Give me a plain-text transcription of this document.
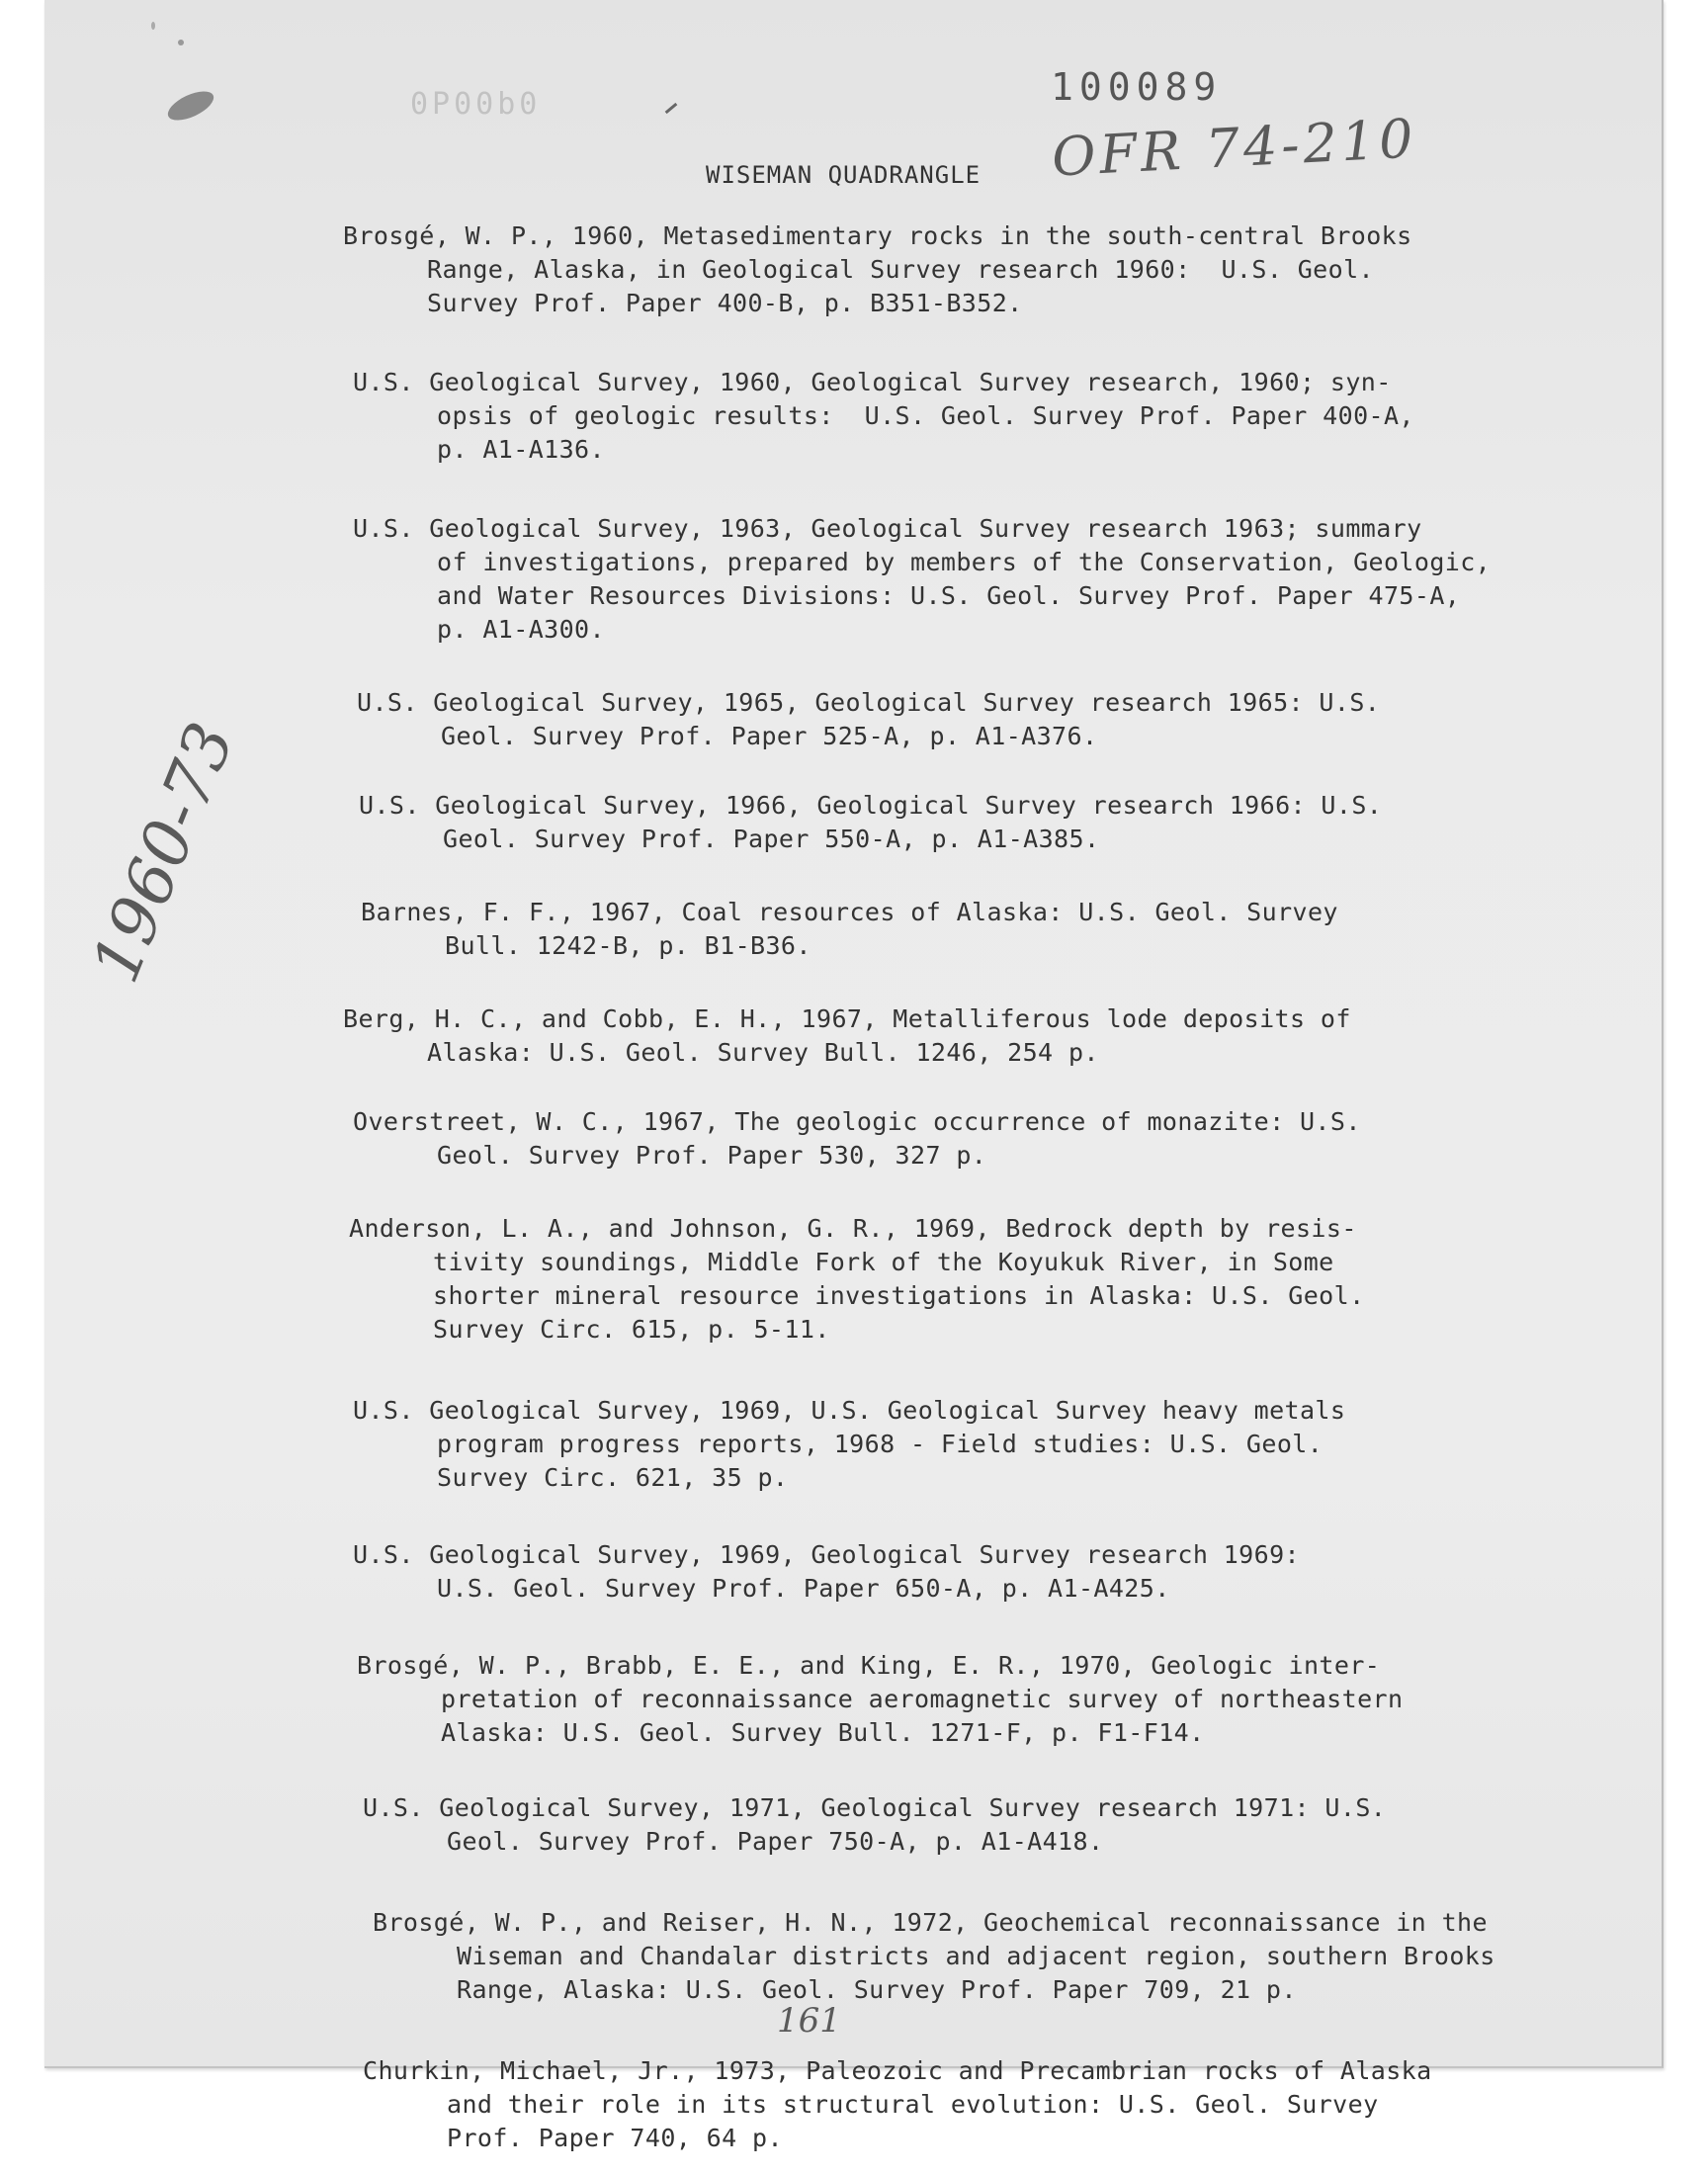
0P00b0	100089
OFR 74-210
WISEMAN QUADRANGLE
1960-73
Brosgé, W. P., 1960, Metasedimentary rocks in the south-central Brooks
Range, Alaska, in Geological Survey research 1960:  U.S. Geol.
Survey Prof. Paper 400-B, p. B351-B352.
U.S. Geological Survey, 1960, Geological Survey research, 1960; syn-
opsis of geologic results:  U.S. Geol. Survey Prof. Paper 400-A,
p. A1-A136.
U.S. Geological Survey, 1963, Geological Survey research 1963; summary
of investigations, prepared by members of the Conservation, Geologic,
and Water Resources Divisions: U.S. Geol. Survey Prof. Paper 475-A,
p. A1-A300.
U.S. Geological Survey, 1965, Geological Survey research 1965: U.S.
Geol. Survey Prof. Paper 525-A, p. A1-A376.
U.S. Geological Survey, 1966, Geological Survey research 1966: U.S.
Geol. Survey Prof. Paper 550-A, p. A1-A385.
Barnes, F. F., 1967, Coal resources of Alaska: U.S. Geol. Survey
Bull. 1242-B, p. B1-B36.
Berg, H. C., and Cobb, E. H., 1967, Metalliferous lode deposits of
Alaska: U.S. Geol. Survey Bull. 1246, 254 p.
Overstreet, W. C., 1967, The geologic occurrence of monazite: U.S.
Geol. Survey Prof. Paper 530, 327 p.
Anderson, L. A., and Johnson, G. R., 1969, Bedrock depth by resis-
tivity soundings, Middle Fork of the Koyukuk River, in Some
shorter mineral resource investigations in Alaska: U.S. Geol.
Survey Circ. 615, p. 5-11.
U.S. Geological Survey, 1969, U.S. Geological Survey heavy metals
program progress reports, 1968 - Field studies: U.S. Geol.
Survey Circ. 621, 35 p.
U.S. Geological Survey, 1969, Geological Survey research 1969:
U.S. Geol. Survey Prof. Paper 650-A, p. A1-A425.
Brosgé, W. P., Brabb, E. E., and King, E. R., 1970, Geologic inter-
pretation of reconnaissance aeromagnetic survey of northeastern
Alaska: U.S. Geol. Survey Bull. 1271-F, p. F1-F14.
U.S. Geological Survey, 1971, Geological Survey research 1971: U.S.
Geol. Survey Prof. Paper 750-A, p. A1-A418.
Brosgé, W. P., and Reiser, H. N., 1972, Geochemical reconnaissance in the
Wiseman and Chandalar districts and adjacent region, southern Brooks
Range, Alaska: U.S. Geol. Survey Prof. Paper 709, 21 p.
Churkin, Michael, Jr., 1973, Paleozoic and Precambrian rocks of Alaska
and their role in its structural evolution: U.S. Geol. Survey
Prof. Paper 740, 64 p.
161
